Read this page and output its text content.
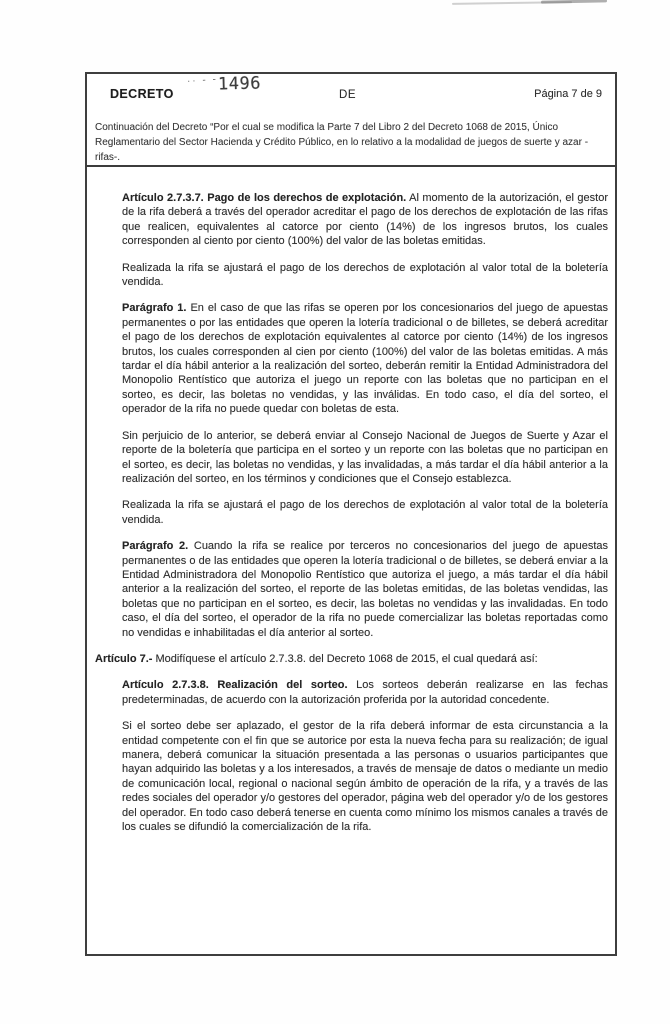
DECRETO
·· - -1496
DE	Página 7 de 9
Continuación del Decreto “Por el cual se modifica la Parte 7 del Libro 2 del Decreto 1068 de 2015, Único Reglamentario del Sector Hacienda y Crédito Público, en lo relativo a la modalidad de juegos de suerte y azar -rifas-.
Artículo 2.7.3.7. Pago de los derechos de explotación. Al momento de la autorización, el gestor de la rifa deberá a través del operador acreditar el pago de los derechos de explotación de las rifas que realicen, equivalentes al catorce por ciento (14%) de los ingresos brutos, los cuales corresponden al ciento por ciento (100%) del valor de las boletas emitidas.
Realizada la rifa se ajustará el pago de los derechos de explotación al valor total de la boletería vendida.
Parágrafo 1. En el caso de que las rifas se operen por los concesionarios del juego de apuestas permanentes o por las entidades que operen la lotería tradicional o de billetes, se deberá acreditar el pago de los derechos de explotación equivalentes al catorce por ciento (14%) de los ingresos brutos, los cuales corresponden al cien por ciento (100%) del valor de las boletas emitidas. A más tardar el día hábil anterior a la realización del sorteo, deberán remitir la Entidad Administradora del Monopolio Rentístico que autoriza el juego un reporte con las boletas que no participan en el sorteo, es decir, las boletas no vendidas, y las inválidas. En todo caso, el día del sorteo, el operador de la rifa no puede quedar con boletas de esta.
Sin perjuicio de lo anterior, se deberá enviar al Consejo Nacional de Juegos de Suerte y Azar el reporte de la boletería que participa en el sorteo y un reporte con las boletas que no participan en el sorteo, es decir, las boletas no vendidas, y las invalidadas, a más tardar el día hábil anterior a la realización del sorteo, en los términos y condiciones que el Consejo establezca.
Realizada la rifa se ajustará el pago de los derechos de explotación al valor total de la boletería vendida.
Parágrafo 2. Cuando la rifa se realice por terceros no concesionarios del juego de apuestas permanentes o de las entidades que operen la lotería tradicional o de billetes, se deberá enviar a la Entidad Administradora del Monopolio Rentístico que autoriza el juego, a más tardar el día hábil anterior a la realización del sorteo, el reporte de las boletas emitidas, de las boletas vendidas, las boletas que no participan en el sorteo, es decir, las boletas no vendidas y las invalidadas. En todo caso, el día del sorteo, el operador de la rifa no puede comercializar las boletas reportadas como no vendidas e inhabilitadas el día anterior al sorteo.
Artículo 7.- Modifíquese el artículo 2.7.3.8. del Decreto 1068 de 2015, el cual quedará así:
Artículo 2.7.3.8. Realización del sorteo. Los sorteos deberán realizarse en las fechas predeterminadas, de acuerdo con la autorización proferida por la autoridad concedente.
Si el sorteo debe ser aplazado, el gestor de la rifa deberá informar de esta circunstancia a la entidad competente con el fin que se autorice por esta la nueva fecha para su realización; de igual manera, deberá comunicar la situación presentada a las personas o usuarios participantes que hayan adquirido las boletas y a los interesados, a través de mensaje de datos o mediante un medio de comunicación local, regional o nacional según ámbito de operación de la rifa, y a través de las redes sociales del operador y/o gestores del operador, página web del operador y/o de los gestores del operador. En todo caso deberá tenerse en cuenta como mínimo los mismos canales a través de los cuales se difundió la comercialización de la rifa.
